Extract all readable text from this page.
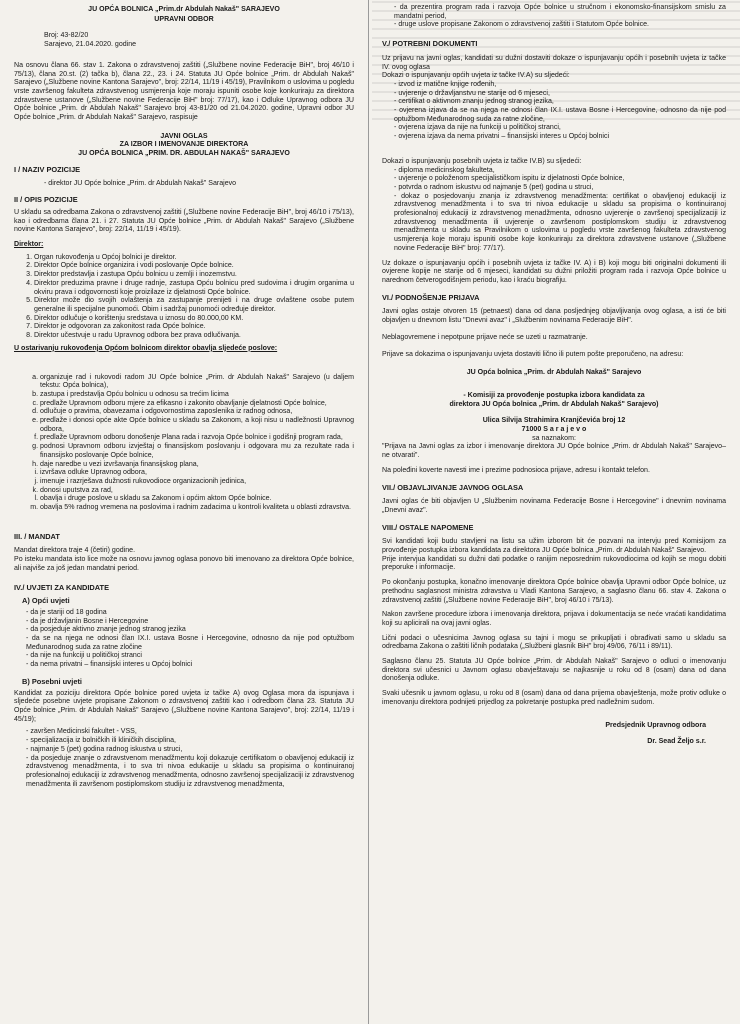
JU OPĆA BOLNICA „Prim.dr Abdulah Nakaš" SARAJEVO

UPRAVNI ODBOR

Broj: 43-82/20

Sarajevo, 21.04.2020. godine

Na osnovu člana 66. stav 1. Zakona o zdravstvenoj zaštiti („Službene novine Federacije BiH", broj 46/10 i 75/13), člana 20.st. (2) tačka b), člana 22., 23. i 24. Statuta JU Opće bolnice „Prim. dr Abdulah Nakaš" Sarajevo („Službene novine Kantona Sarajevo", broj: 22/14, 11/19 i 45/19), Pravilnikom o uslovima u pogledu vrste završenog fakulteta zdravstvenog usmjerenja koje moraju ispuniti osobe koje konkuriraju za direktora zdravstvene ustanove („Službene novine Federacije BiH" broj: 77/17), kao i Odluke Upravnog odbora JU Opće bolnice „Prim. dr Abdulah Nakaš" Sarajevo broj 43-81/20 od 21.04.2020. godine, Upravni odbor JU Opće bolnice „Prim. dr Abdulah Nakaš" Sarajevo, raspisuje

JAVNI OGLAS

ZA IZBOR I IMENOVANJE DIREKTORA

JU OPĆA BOLNICA „PRIM. DR. ABDULAH NAKAŠ" SARAJEVO

I / NAZIV POZICIJE

- direktor JU Opće bolnice „Prim. dr Abdulah Nakaš" Sarajevo

II / OPIS POZICIJE

U skladu sa odredbama Zakona o zdravstvenoj zaštiti („Službene novine Federacije BiH", broj 46/10 i 75/13), kao i odredbama člana 21. i 27. Statuta JU Opće bolnice „Prim. dr Abdulah Nakaš" Sarajevo („Službene novine Kantona Sarajevo", broj: 22/14, 11/19 i 45/19).

Direktor:

1. Organ rukovođenja u Općoj bolnici je direktor.
2. Direktor Opće bolnice organizira i vodi poslovanje Opće bolnice.
3. Direktor predstavlja i zastupa Opću bolnicu u zemlji i inozemstvu.
4. Direktor preduzima pravne i druge radnje, zastupa Opću bolnicu pred sudovima i drugim organima u okviru prava i odgovornosti koje proizilaze iz djelatnosti Opće bolnice.
5. Direktor može dio svojih ovlaštenja za zastupanje prenijeti i na druge ovlaštene osobe putem generalne ili specijalne punomoći. Obim i sadržaj punomoći određuje direktor.
6. Direktor odlučuje o korištenju sredstava u iznosu do 80.000,00 KM.
7. Direktor je odgovoran za zakonitost rada Opće bolnice.
8. Direktor učestvuje u radu Upravnog odbora bez prava odlučivanja.

U ostarivanju rukovođenja Općom bolnicom direktor obavlja sljedeće poslove:

a. organizuje rad i rukovodi radom JU Opće bolnice „Prim. dr Abdulah Nakaš" Sarajevo (u daljem tekstu: Opća bolnica),
b. zastupa i predstavlja Opću bolnicu u odnosu sa trećim licima
c. predlaže Upravnom odboru mjere za efikasno i zakonito obavljanje djelatnosti Opće bolnice,
d. odlučuje o pravima, obavezama i odgovornostima zaposlenika iz radnog odnosa,
e. predlaže i donosi opće akte Opće bolnice u skladu sa Zakonom, a koji nisu u nadležnosti Upravnog odbora,
f. predlaže Upravnom odboru donošenje Plana rada i razvoja Opće bolnice i godišnji program rada,
g. podnosi Upravnom odboru izvještaj o finansijskom poslovanju i odgovara mu za rezultate rada i finansijsko poslovanje Opće bolnice,
h. daje naredbe u vezi izvršavanja finansijskog plana,
i. izvršava odluke Upravnog odbora,
j. imenuje i razrješava dužnosti rukovodioce organizacionih jedinica,
k. donosi uputstva za rad,
l. obavlja i druge poslove u skladu sa Zakonom i općim aktom Opće bolnice.
m. obavlja 5% radnog vremena na poslovima i radnim zadacima u kontroli kvaliteta u oblasti zdravstva.
III. / MANDAT

Mandat direktora traje 4 (četiri) godine.

Po isteku mandata isto lice može na osnovu javnog oglasa ponovo biti imenovano za direktora Opće bolnice, ali najviše za još jedan mandatni period.

IV./ UVJETI ZA KANDIDATE
A) Opći uvjeti
- da je stariji od 18 godina
- da je državljanin Bosne i Hercegovine
- da posjeduje aktivno znanje jednog stranog jezika
- da se na njega ne odnosi član IX.I. ustava Bosne i Hercegovine, odnosno da nije pod optužbom Međunarodnog suda za ratne zločine
- da nije na funkciji u političkoj stranci
- da nema privatni – finansijski interes u Općoj bolnici
B) Posebni uvjeti

Kandidat za poziciju direktora Opće bolnice pored uvjeta iz tačke A) ovog Oglasa mora da ispunjava i sljedeće posebne uvjete propisane Zakonom o zdravstvenoj zaštiti kao i odredbom člana 23. Statuta JU Opće bolnice „Prim. dr Abdulah Nakaš" Sarajevo („Službene novine Kantona Sarajevo", broj: 22/14, 11/19 i 45/19);

- završen Medicinski fakultet - VSS,
- specijalizacija iz bolničkih ili kliničkih disciplina,
- najmanje 5 (pet) godina radnog iskustva u struci,
- da posjeduje znanje o zdravstvenom menadžmentu koji dokazuje certifikatom o obavljenoj edukaciji iz zdravstvenog menadžmenta, i to sva tri nivoa edukacije u skladu sa propisima o kontinuiranoj profesionalnoj edukaciji iz zdravstvenog menadžmenta, odnosno završenoj specijalizaciji iz zdravstvenog menadžmenta ili završenom postiplomskom studiju iz zdravstvenog menadžmenta,
- da prezentira program rada i razvoja Opće bolnice u stručnom i ekonomsko-finansijskom smislu za mandatni period,
- druge uslove propisane Zakonom o zdravstvenoj zaštiti i Statutom Opće bolnice.
V./ POTREBNI DOKUMENTI

Uz prijavu na javni oglas, kandidati su dužni dostaviti dokaze o ispunjavanju općih i posebnih uvjeta iz tačke IV. ovog oglasa

Dokazi o ispunjavanju općih uvjeta iz tačke IV.A) su sljedeći:

- izvod iz matične knjige rođenih,
- uvjerenje o državljanstvu ne starije od 6 mjeseci,
- certifikat o aktivnom znanju jednog stranog jezika,
- ovjerena izjava da se na njega ne odnosi član IX.I. ustava Bosne i Hercegovine, odnosno da nije pod optužbom Međunarodnog suda za ratne zločine,
- ovjerena izjava da nije na funkciji u političkoj stranci,
- ovjerena izjava da nema privatni – finansijski interes u Općoj bolnici

Dokazi o ispunjavanju posebnih uvjeta iz tačke IV.B) su sljedeći:

- diploma medicinskog fakulteta,
- uvjerenje o položenom specijalističkom ispitu iz djelatnosti Opće bolnice,
- potvrda o radnom iskustvu od najmanje 5 (pet) godina u struci,
- dokaz o posjedovanju znanja iz zdravstvenog menadžmenta: certifikat o obavljenoj edukaciji iz zdravstvenog menadžmenta i to sva tri nivoa edukacije u skladu sa propisima o kontinuiranoj profesionalnoj edukaciji iz zdravstvenog menadžmenta, odnosno uvjerenje o završenoj specijalizaciji iz zdravstvenog menadžmenta ili uvjerenje o završenom postiplomskom studiju iz zdravstvenog menadžmenta u skladu sa Pravilnikom o uslovima u pogledu vrste završenog fakulteta zdravstvenog usmjerenja koje moraju ispuniti osobe koje konkuriraju za direktora zdravstvene ustanove („Službene novine Federacije BiH" broj: 77/17).

Uz dokaze o ispunjavanju općih i posebnih uvjeta iz tačke IV. A) i B) koji mogu biti originalni dokumenti ili ovjerene kopije ne starije od 6 mjeseci, kandidati su dužni priložiti program rada i razvoja Opće bolnice u narednom četverogodišnjem periodu, kao i kraću biografiju.

VI./ PODNOŠENJE PRIJAVA

Javni oglas ostaje otvoren 15 (petnaest) dana od dana posljednjeg objavljivanja ovog oglasa, a isti će biti objavljen u dnevnom listu "Dnevni avaz" i „Službenim novinama Federacije BiH".

Neblagovremene i nepotpune prijave neće se uzeti u razmatranje.

Prijave sa dokazima o ispunjavanju uvjeta dostaviti lično ili putem pošte preporučeno, na adresu:

JU Opća bolnica „Prim. dr Abdulah Nakaš" Sarajevo

- Komisiji za provođenje postupka izbora kandidata za

direktora JU Opća bolnica „Prim. dr Abdulah Nakaš" Sarajevo)

Ulica Silvija Strahimira Kranjčevića broj 12

71000 S a r a j e v o

sa naznakom:

"Prijava na Javni oglas za izbor i imenovanje direktora JU Opće bolnice „Prim. dr Abdulah Nakaš" Sarajevo– ne otvarati".

Na poleđini koverte navesti ime i prezime podnosioca prijave, adresu i kontakt telefon.

VII./ OBJAVLJIVANJE JAVNOG OGLASA

Javni oglas će biti objavljen U „Službenim novinama Federacije Bosne i Hercegovine" i dnevnim novinama „Dnevni avaz".

VIII./ OSTALE NAPOMENE

Svi kandidati koji budu stavljeni na listu sa užim izborom bit će pozvani na intervju pred Komisijom za provođenje postupka izbora kandidata za direktora JU Opće bolnica „Prim. dr Abdulah Nakaš" Sarajevo.

Prije intervjua kandidati su dužni dati podatke o ranijim neposrednim rukovodiocima od kojih se mogu dobiti preporuke i informacije.

Po okončanju postupka, konačno imenovanje direktora Opće bolnice obavlja Upravni odbor Opće bolnice, uz prethodnu saglasnost ministra zdravstva u Vladi Kantona Sarajevo, a saglasno članu 66. stav 4. Zakona o zdravstvenoj zaštiti („Službene novine Federacije BiH", broj 46/10 i 75/13).

Nakon završene procedure izbora i imenovanja direktora, prijava i dokumentacija se neće vraćati kandidatima koji su aplicirali na ovaj javni oglas.

Lični podaci o učesnicima Javnog oglasa su tajni i mogu se prikupljati i obrađivati samo u skladu sa odredbama Zakona o zaštiti ličnih podataka („Službeni glasnik BiH" broj 49/06, 76/11 i 89/11).

Saglasno članu 25. Statuta JU Opće bolnice „Prim. dr Abdulah Nakaš" Sarajevo o odluci o imenovanju direktora svi učesnici u Javnom oglasu obavještavaju se najkasnije u roku od 8 (osam) dana od dana donošenja odluke.

Svaki učesnik u javnom oglasu, u roku od 8 (osam) dana od dana prijema obavještenja, može protiv odluke o imenovanju direktora podnijeti prijedlog za pokretanje postupka pred nadležnim sudom.

Predsjednik Upravnog odbora

Dr. Sead Željo s.r.
